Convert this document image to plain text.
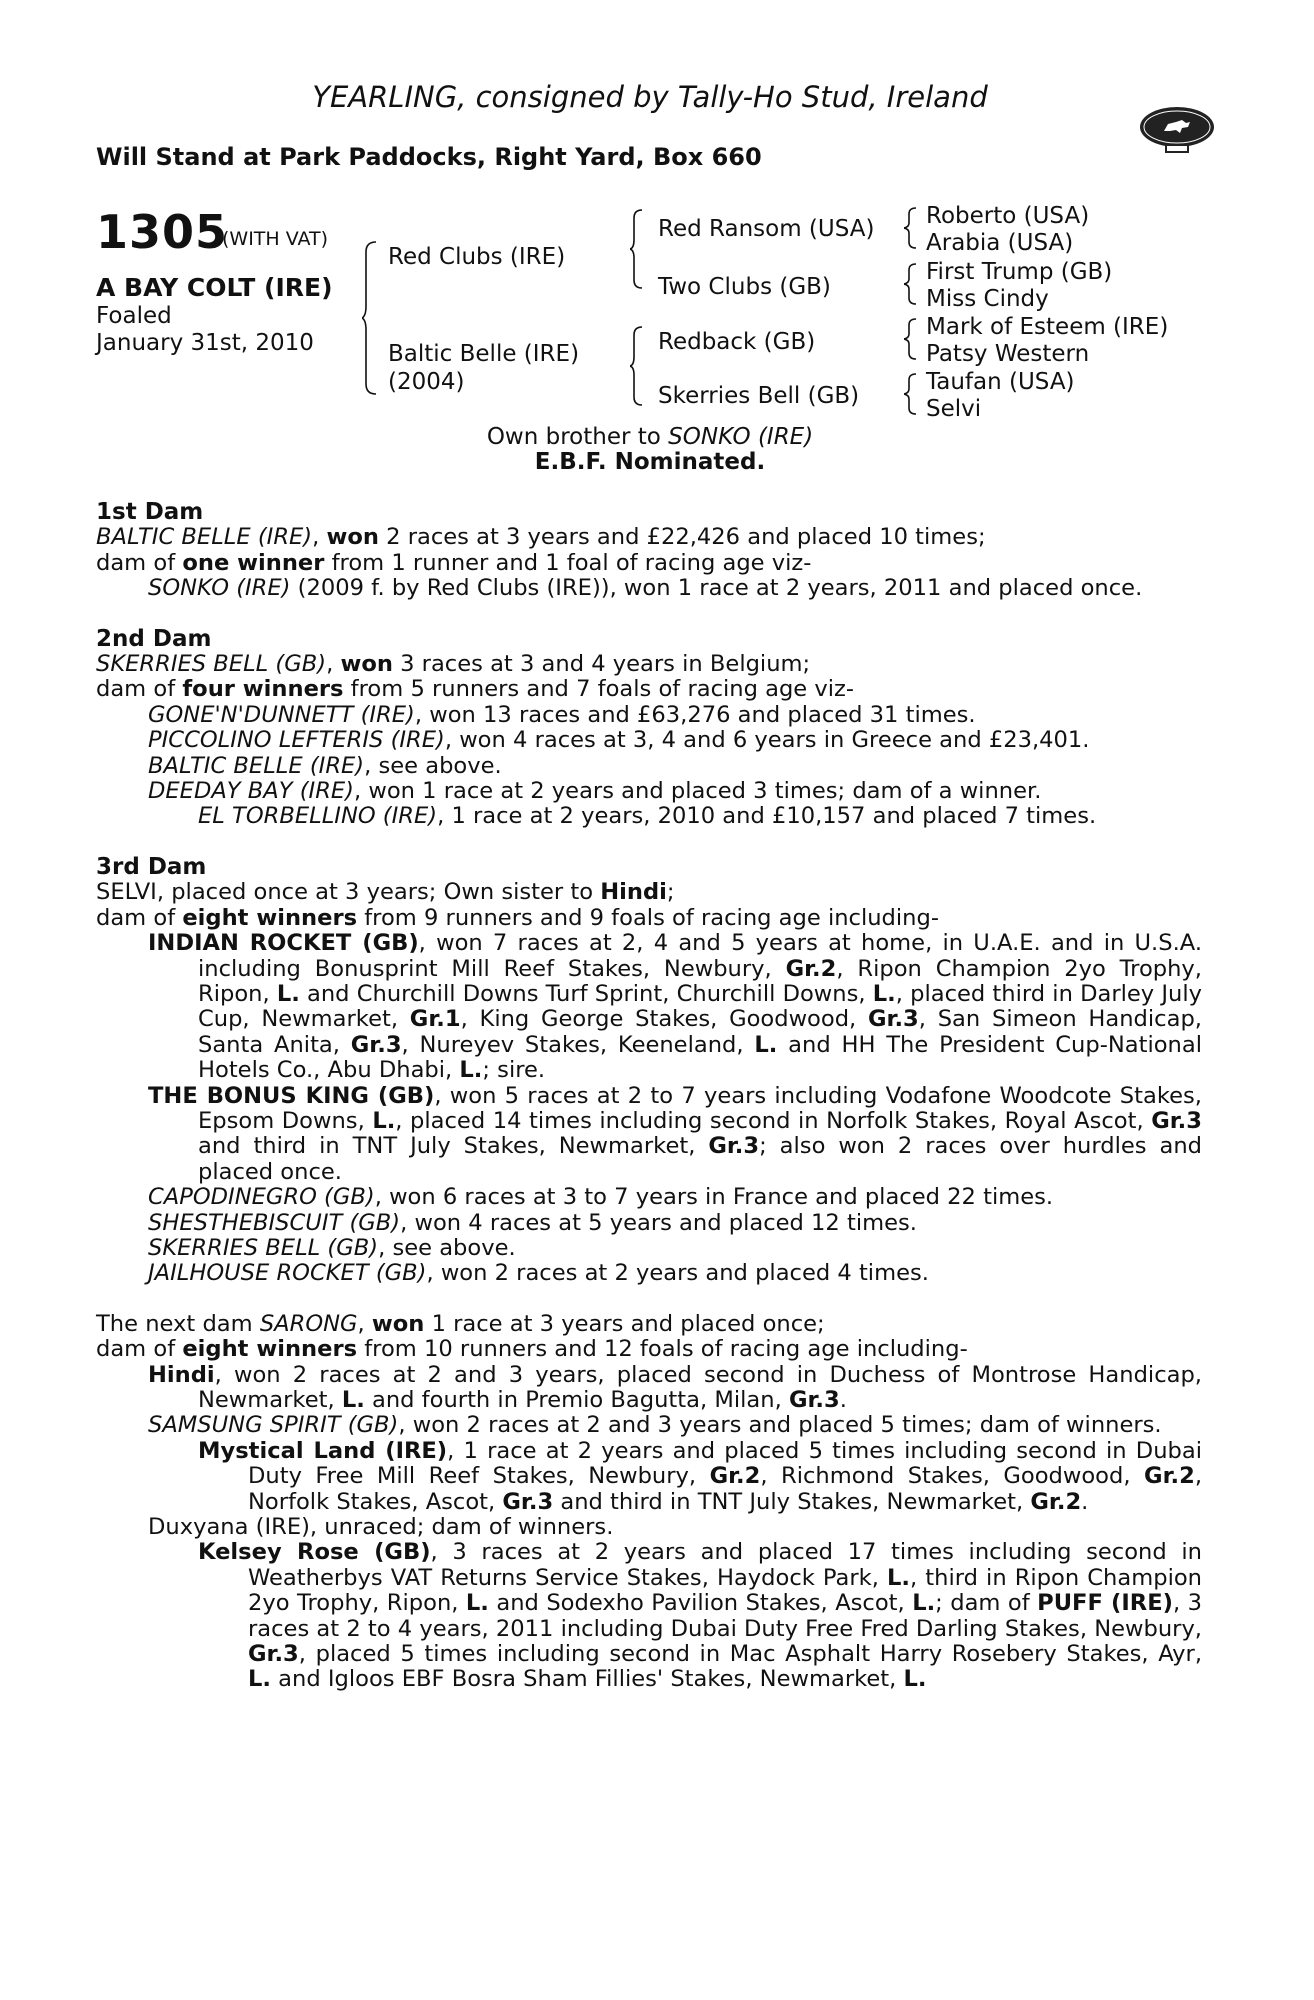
YEARLING, consigned by Tally-Ho Stud, Ireland
Will Stand at Park Paddocks, Right Yard, Box 660
1305
(WITH VAT)
A BAY COLT (IRE)
Foaled
January 31st, 2010
Red Clubs (IRE)
Baltic Belle (IRE)
(2004)
Red Ransom (USA)
Two Clubs (GB)
Redback (GB)
Skerries Bell (GB)
Roberto (USA)
Arabia (USA)
First Trump (GB)
Miss Cindy
Mark of Esteem (IRE)
Patsy Western
Taufan (USA)
Selvi
Own brother to SONKO (IRE)
E.B.F. Nominated.

1st Dam

BALTIC BELLE (IRE), won 2 races at 3 years and £22,426 and placed 10 times;

dam of one winner from 1 runner and 1 foal of racing age viz-

SONKO (IRE) (2009 f. by Red Clubs (IRE)), won 1 race at 2 years, 2011 and placed once.

2nd Dam

SKERRIES BELL (GB), won 3 races at 3 and 4 years in Belgium;

dam of four winners from 5 runners and 7 foals of racing age viz-

GONE'N'DUNNETT (IRE), won 13 races and £63,276 and placed 31 times.

PICCOLINO LEFTERIS (IRE), won 4 races at 3, 4 and 6 years in Greece and £23,401.

BALTIC BELLE (IRE), see above.

DEEDAY BAY (IRE), won 1 race at 2 years and placed 3 times; dam of a winner.

EL TORBELLINO (IRE), 1 race at 2 years, 2010 and £10,157 and placed 7 times.

3rd Dam

SELVI, placed once at 3 years; Own sister to Hindi;

dam of eight winners from 9 runners and 9 foals of racing age including-

INDIAN ROCKET (GB), won 7 races at 2, 4 and 5 years at home, in U.A.E. and in U.S.A. including Bonusprint Mill Reef Stakes, Newbury, Gr.2, Ripon Champion 2yo Trophy, Ripon, L. and Churchill Downs Turf Sprint, Churchill Downs, L., placed third in Darley July Cup, Newmarket, Gr.1, King George Stakes, Goodwood, Gr.3, San Simeon Handicap, Santa Anita, Gr.3, Nureyev Stakes, Keeneland, L. and HH The President Cup-National Hotels Co., Abu Dhabi, L.; sire.

THE BONUS KING (GB), won 5 races at 2 to 7 years including Vodafone Woodcote Stakes, Epsom Downs, L., placed 14 times including second in Norfolk Stakes, Royal Ascot, Gr.3 and third in TNT July Stakes, Newmarket, Gr.3; also won 2 races over hurdles and placed once.

CAPODINEGRO (GB), won 6 races at 3 to 7 years in France and placed 22 times.

SHESTHEBISCUIT (GB), won 4 races at 5 years and placed 12 times.

SKERRIES BELL (GB), see above.

JAILHOUSE ROCKET (GB), won 2 races at 2 years and placed 4 times.

The next dam SARONG, won 1 race at 3 years and placed once;

dam of eight winners from 10 runners and 12 foals of racing age including-

Hindi, won 2 races at 2 and 3 years, placed second in Duchess of Montrose Handicap, Newmarket, L. and fourth in Premio Bagutta, Milan, Gr.3.

SAMSUNG SPIRIT (GB), won 2 races at 2 and 3 years and placed 5 times; dam of winners.

Mystical Land (IRE), 1 race at 2 years and placed 5 times including second in Dubai Duty Free Mill Reef Stakes, Newbury, Gr.2, Richmond Stakes, Goodwood, Gr.2, Norfolk Stakes, Ascot, Gr.3 and third in TNT July Stakes, Newmarket, Gr.2.

Duxyana (IRE), unraced; dam of winners.

Kelsey Rose (GB), 3 races at 2 years and placed 17 times including second in Weatherbys VAT Returns Service Stakes, Haydock Park, L., third in Ripon Champion 2yo Trophy, Ripon, L. and Sodexho Pavilion Stakes, Ascot, L.; dam of PUFF (IRE), 3 races at 2 to 4 years, 2011 including Dubai Duty Free Fred Darling Stakes, Newbury, Gr.3, placed 5 times including second in Mac Asphalt Harry Rosebery Stakes, Ayr, L. and Igloos EBF Bosra Sham Fillies' Stakes, Newmarket, L.
